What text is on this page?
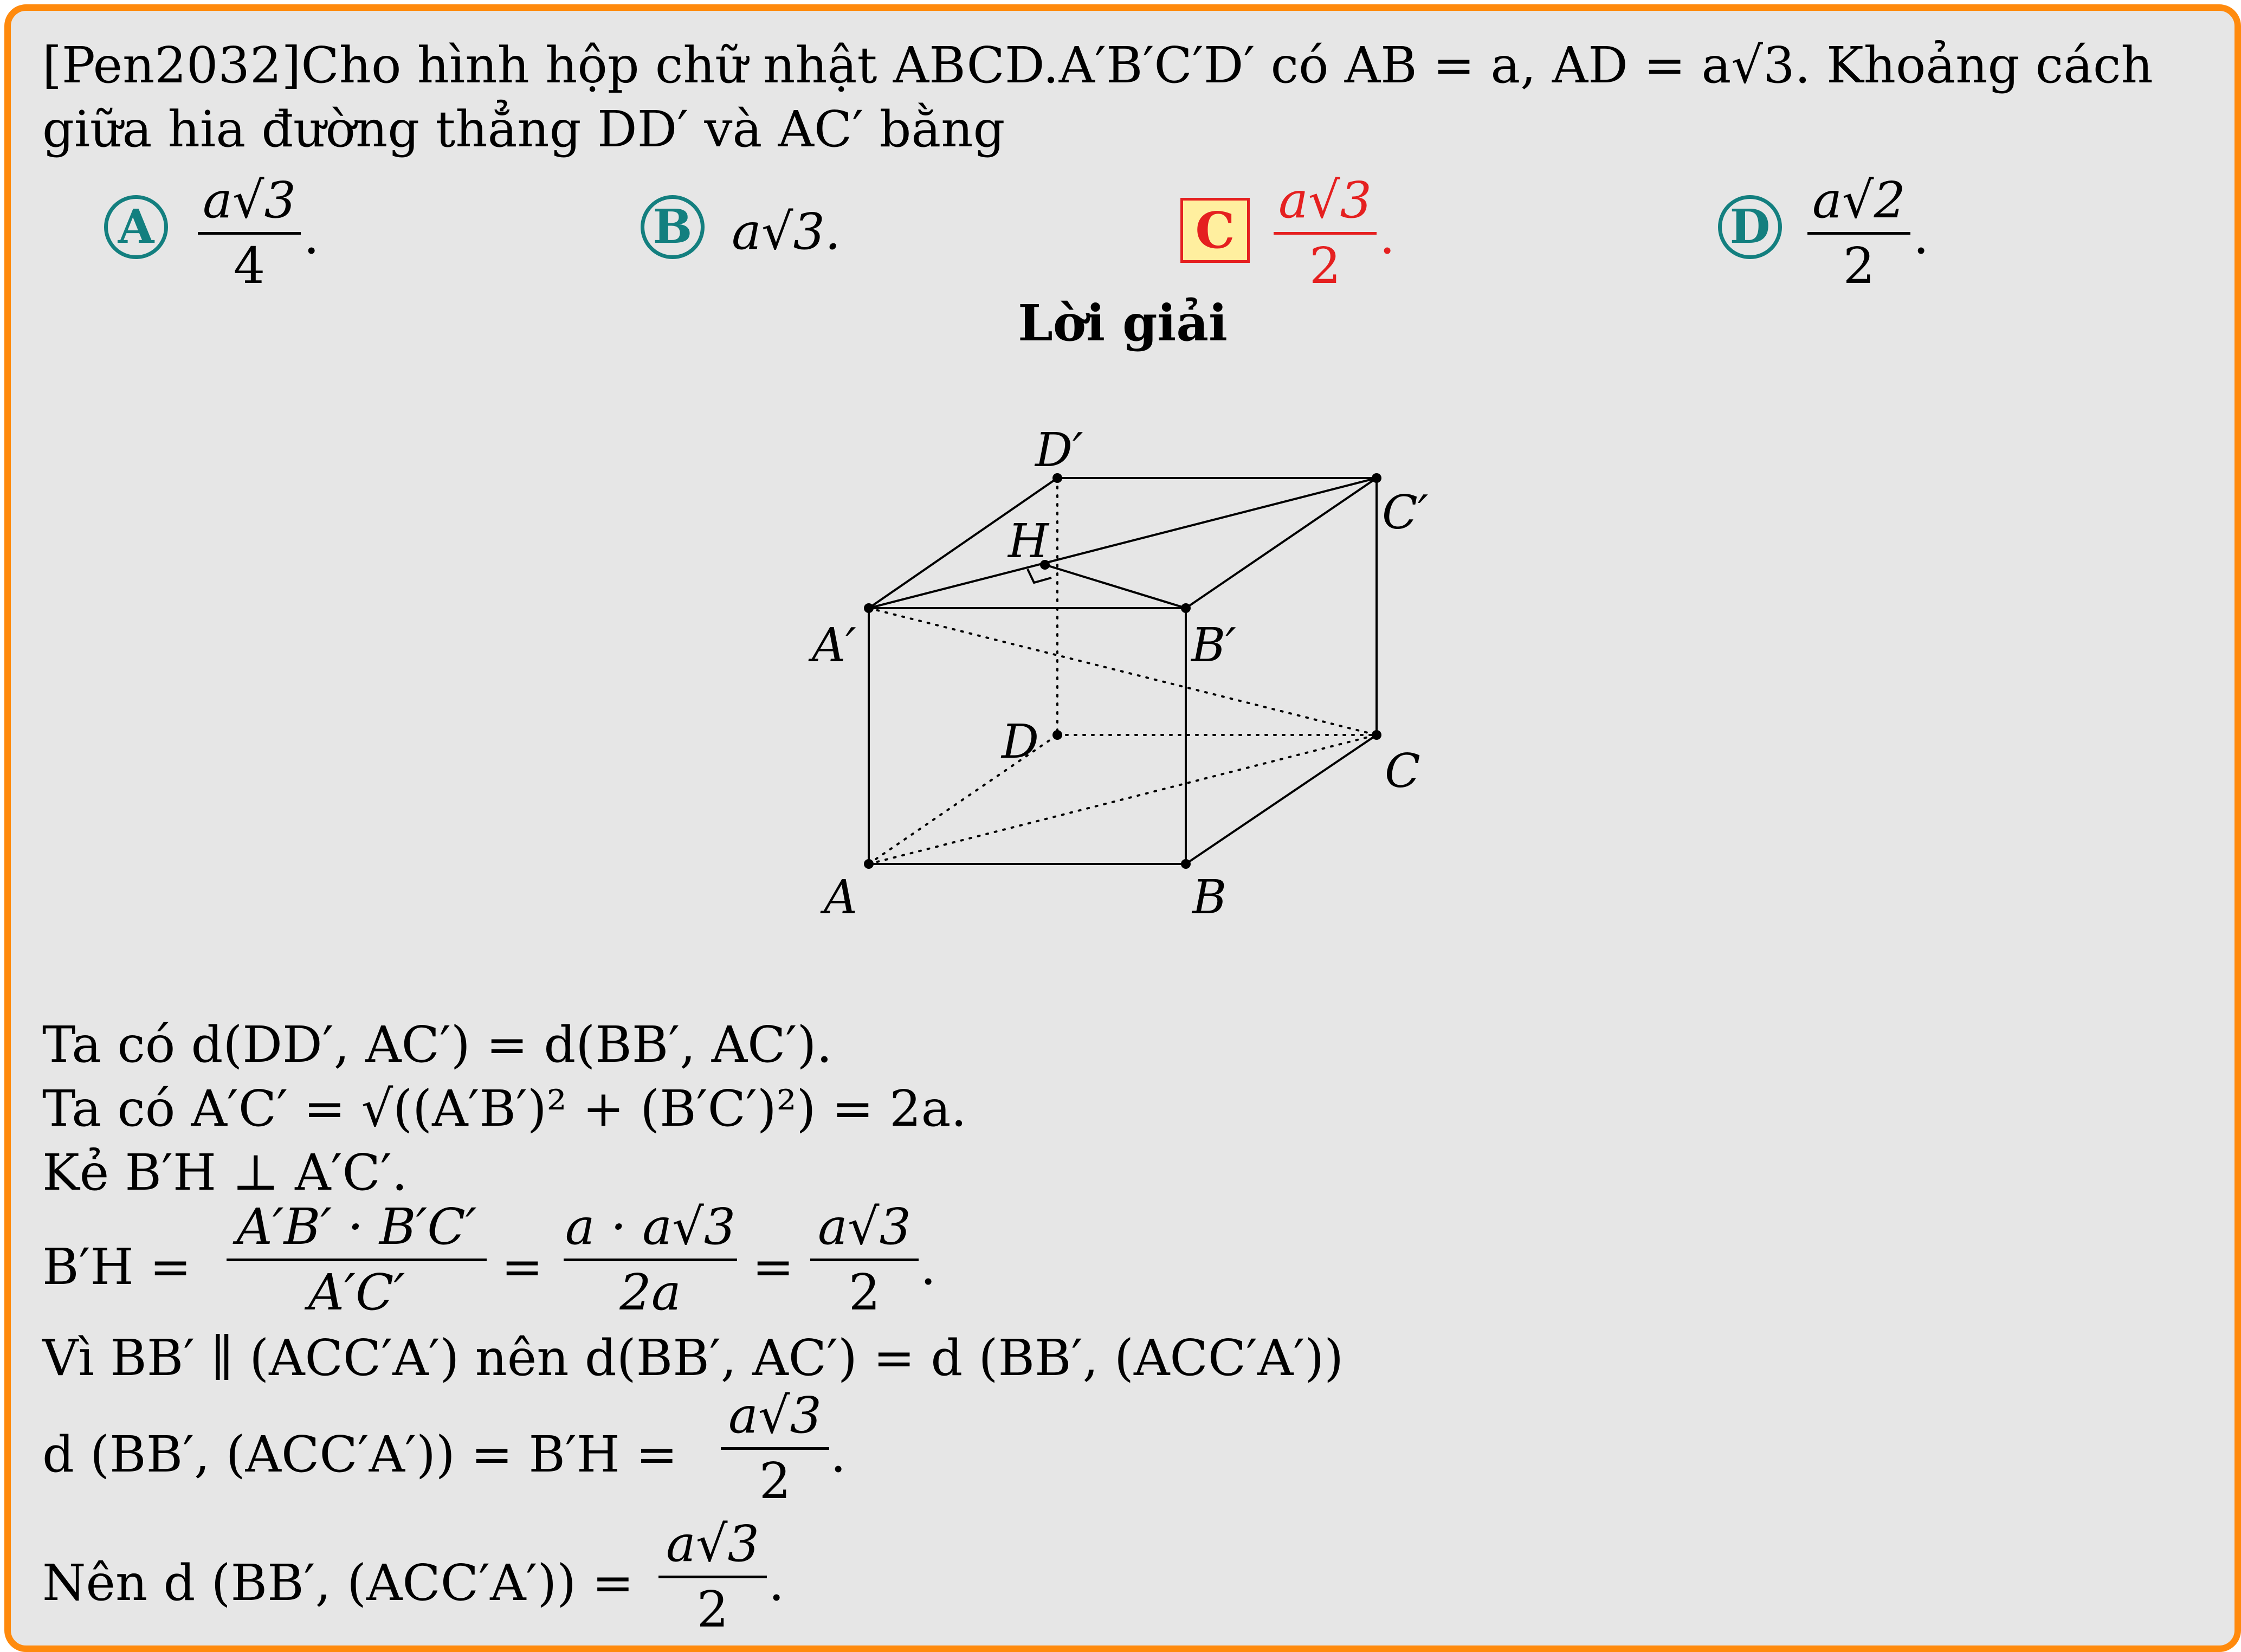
[Pen2032]Cho hình hộp chữ nhật ABCD.A′B′C′D′ có AB = a, AD = a√3. Khoảng cách giữa hia đường thẳng DD′ và AC′ bằng
A a√3
4
.	B a√3.	C
a√3
2
.	D a√2
2
.
Lời giải
A	B
C
D
A′	B′
C′
D′
H
Ta có d(DD′, AC′) = d(BB′, AC′).
Ta có A′C′ = √((A′B′)² + (B′C′)²) = 2a.
Kẻ B′H ⊥ A′C′.
B′H =
A′B′ · B′C′
A′C′	=
a · a√3
2a	=
a√3
2 .
Vì BB′ ∥ (ACC′A′) nên d(BB′, AC′) = d (BB′, (ACC′A′))
d (BB′, (ACC′A′)) = B′H =
a√3
2 .
Nên d (BB′, (ACC′A′)) =
a√3
2 .
